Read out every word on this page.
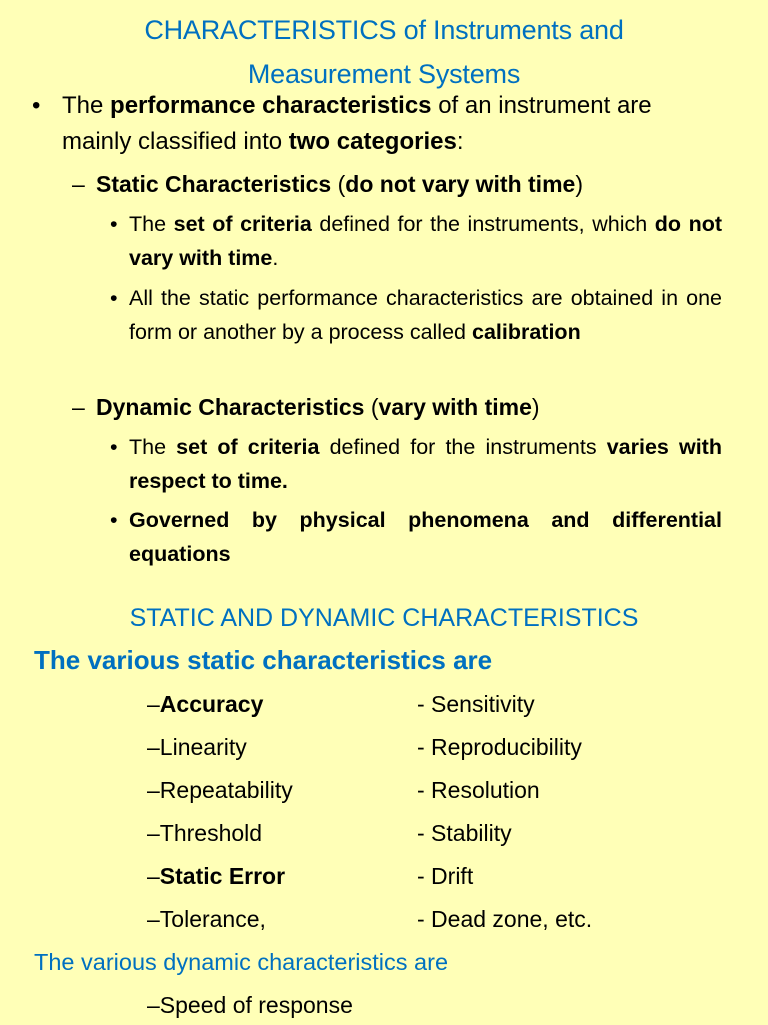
CHARACTERISTICS of Instruments and
Measurement Systems
• The performance characteristics of an instrument are mainly classified into two categories:
– Static Characteristics (do not vary with time)
• The set of criteria defined for the instruments, which do not vary with time.
• All the static performance characteristics are obtained in one form or another by a process called calibration
– Dynamic Characteristics (vary with time)
• The set of criteria defined for the instruments varies with respect to time.
• Governed by physical phenomena and differential equations
STATIC AND DYNAMIC CHARACTERISTICS
The various static characteristics are
–Accuracy
–Linearity
–Repeatability
–Threshold
–Static Error
–Tolerance,
- Sensitivity
- Reproducibility
- Resolution
- Stability
- Drift
- Dead zone, etc.
The various dynamic characteristics are
–Speed of response
